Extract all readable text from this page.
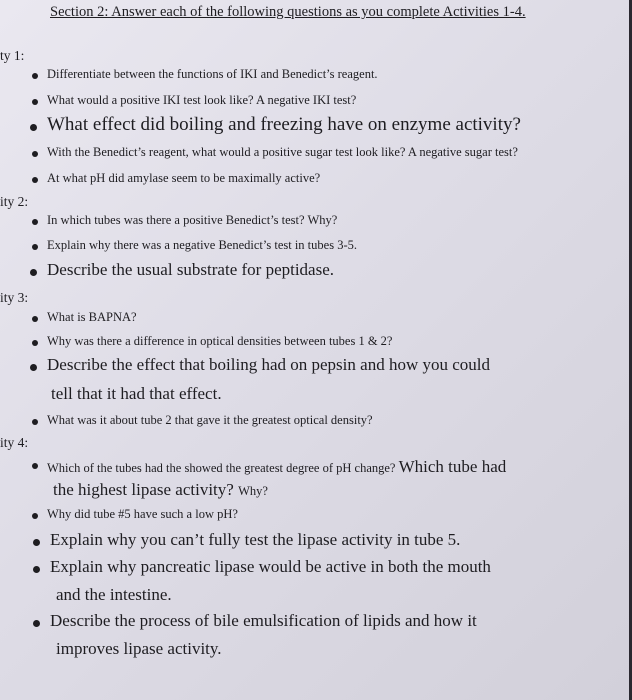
Section 2: Answer each of the following questions as you complete Activities 1-4.
ty 1:
Differentiate between the functions of IKI and Benedict’s reagent.
What would a positive IKI test look like? A negative IKI test?
What effect did boiling and freezing have on enzyme activity?
With the Benedict’s reagent, what would a positive sugar test look like? A negative sugar test?
At what pH did amylase seem to be maximally active?
ity 2:
In which tubes was there a positive Benedict’s test? Why?
Explain why there was a negative Benedict’s test in tubes 3-5.
Describe the usual substrate for peptidase.
ity 3:
What is BAPNA?
Why was there a difference in optical densities between tubes 1 & 2?
Describe the effect that boiling had on pepsin and how you could
tell that it had that effect.
What was it about tube 2 that gave it the greatest optical density?
ity 4:
Which of the tubes had the showed the greatest degree of pH change? Which tube had
the highest lipase activity? Why?
Why did tube #5 have such a low pH?
Explain why you can’t fully test the lipase activity in tube 5.
Explain why pancreatic lipase would be active in both the mouth
and the intestine.
Describe the process of bile emulsification of lipids and how it
improves lipase activity.
